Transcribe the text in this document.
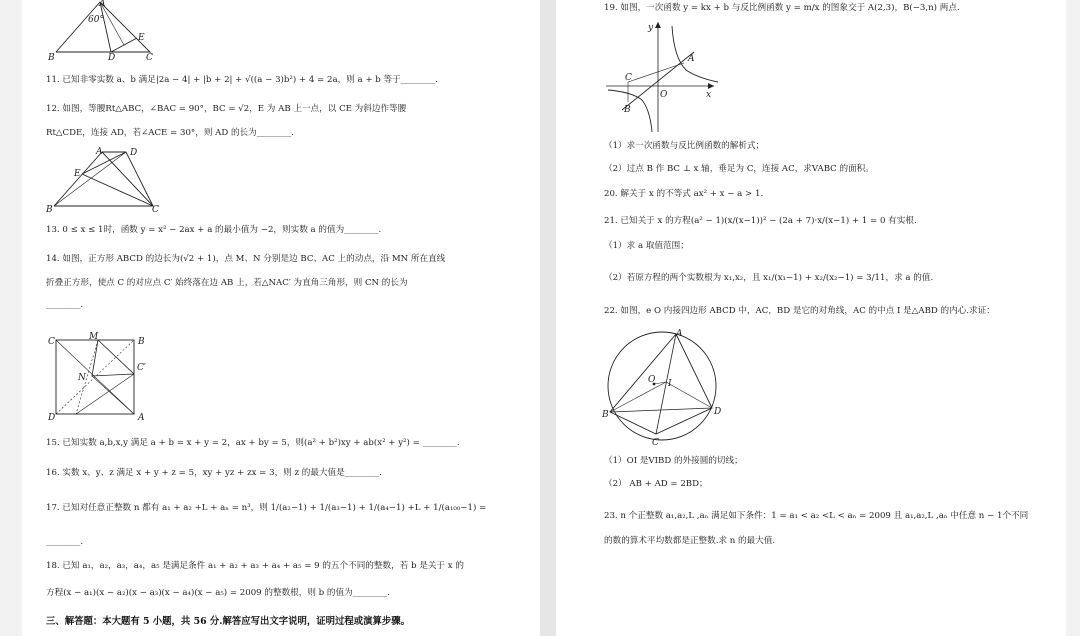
A
60°
E
B	D	C
11. 已知非零实数 a、b 满足|2a − 4| + |b + 2| + √((a − 3)b²) + 4 = 2a，则 a + b 等于________.
12. 如图，等腰Rt△ABC，∠BAC = 90°，BC = √2，E 为 AB 上一点，以 CE 为斜边作等腰
Rt△CDE，连接 AD，若∠ACE = 30°，则 AD 的长为________.
A	D
E
B	C
13. 0 ≤ x ≤ 1时，函数 y = x² − 2ax + a 的最小值为 −2，则实数 a 的值为________.
14. 如图，正方形 ABCD 的边长为(√2 + 1)，点 M、N 分别是边 BC、AC 上的动点，沿 MN 所在直线
折叠正方形，使点 C 的对应点 C′ 始终落在边 AB 上，若△NAC′ 为直角三角形，则 CN 的长为
________.
C	M	B
N
C′
D	A
15. 已知实数 a,b,x,y 满足 a + b = x + y = 2，ax + by = 5，则(a² + b²)xy + ab(x² + y²) = ________.
16. 实数 x、y、z 满足 x + y + z = 5，xy + yz + zx = 3，则 z 的最大值是________.
17. 已知对任意正整数 n 都有 a₁ + a₂ +L + aₙ = n³，则 1/(a₂−1) + 1/(a₃−1) + 1/(a₄−1) +L + 1/(a₁₀₀−1) =
________.
18. 已知 a₁，a₂，a₃，a₄，a₅ 是满足条件 a₁ + a₂ + a₃ + a₄ + a₅ = 9 的五个不同的整数，若 b 是关于 x 的
方程(x − a₁)(x − a₂)(x − a₃)(x − a₄)(x − a₅) = 2009 的整数根，则 b 的值为________.
三、解答题：本大题有 5 小题，共 56 分.解答应写出文字说明，证明过程或演算步骤。
19. 如图，一次函数 y = kx + b 与反比例函数 y = m/x 的图象交于 A(2,3)，B(−3,n) 两点.
y
A
C
O
B
x
（1）求一次函数与反比例函数的解析式；
（2）过点 B 作 BC ⊥ x 轴，垂足为 C，连接 AC，求VABC 的面积。
20. 解关于 x 的不等式 ax² + x − a > 1.
21. 已知关于 x 的方程(a² − 1)(x/(x−1))² − (2a + 7)·x/(x−1) + 1 = 0 有实根.
（1）求 a 取值范围；
（2）若原方程的两个实数根为 x₁,x₂，且 x₁/(x₁−1) + x₂/(x₂−1) = 3/11，求 a 的值.
22. 如图，e O 内接四边形 ABCD 中，AC，BD 是它的对角线，AC 的中点 I 是△ABD 的内心.求证：
A
O I
B	D
C
（1）OI 是VIBD 的外接圆的切线；
（2） AB + AD = 2BD；
23. n 个正整数 a₁,a₂,L ,aₙ 满足如下条件：1 = a₁ < a₂ <L < aₙ = 2009 且 a₁,a₂,L ,aₙ 中任意 n − 1个不同
的数的算术平均数都是正整数.求 n 的最大值.
